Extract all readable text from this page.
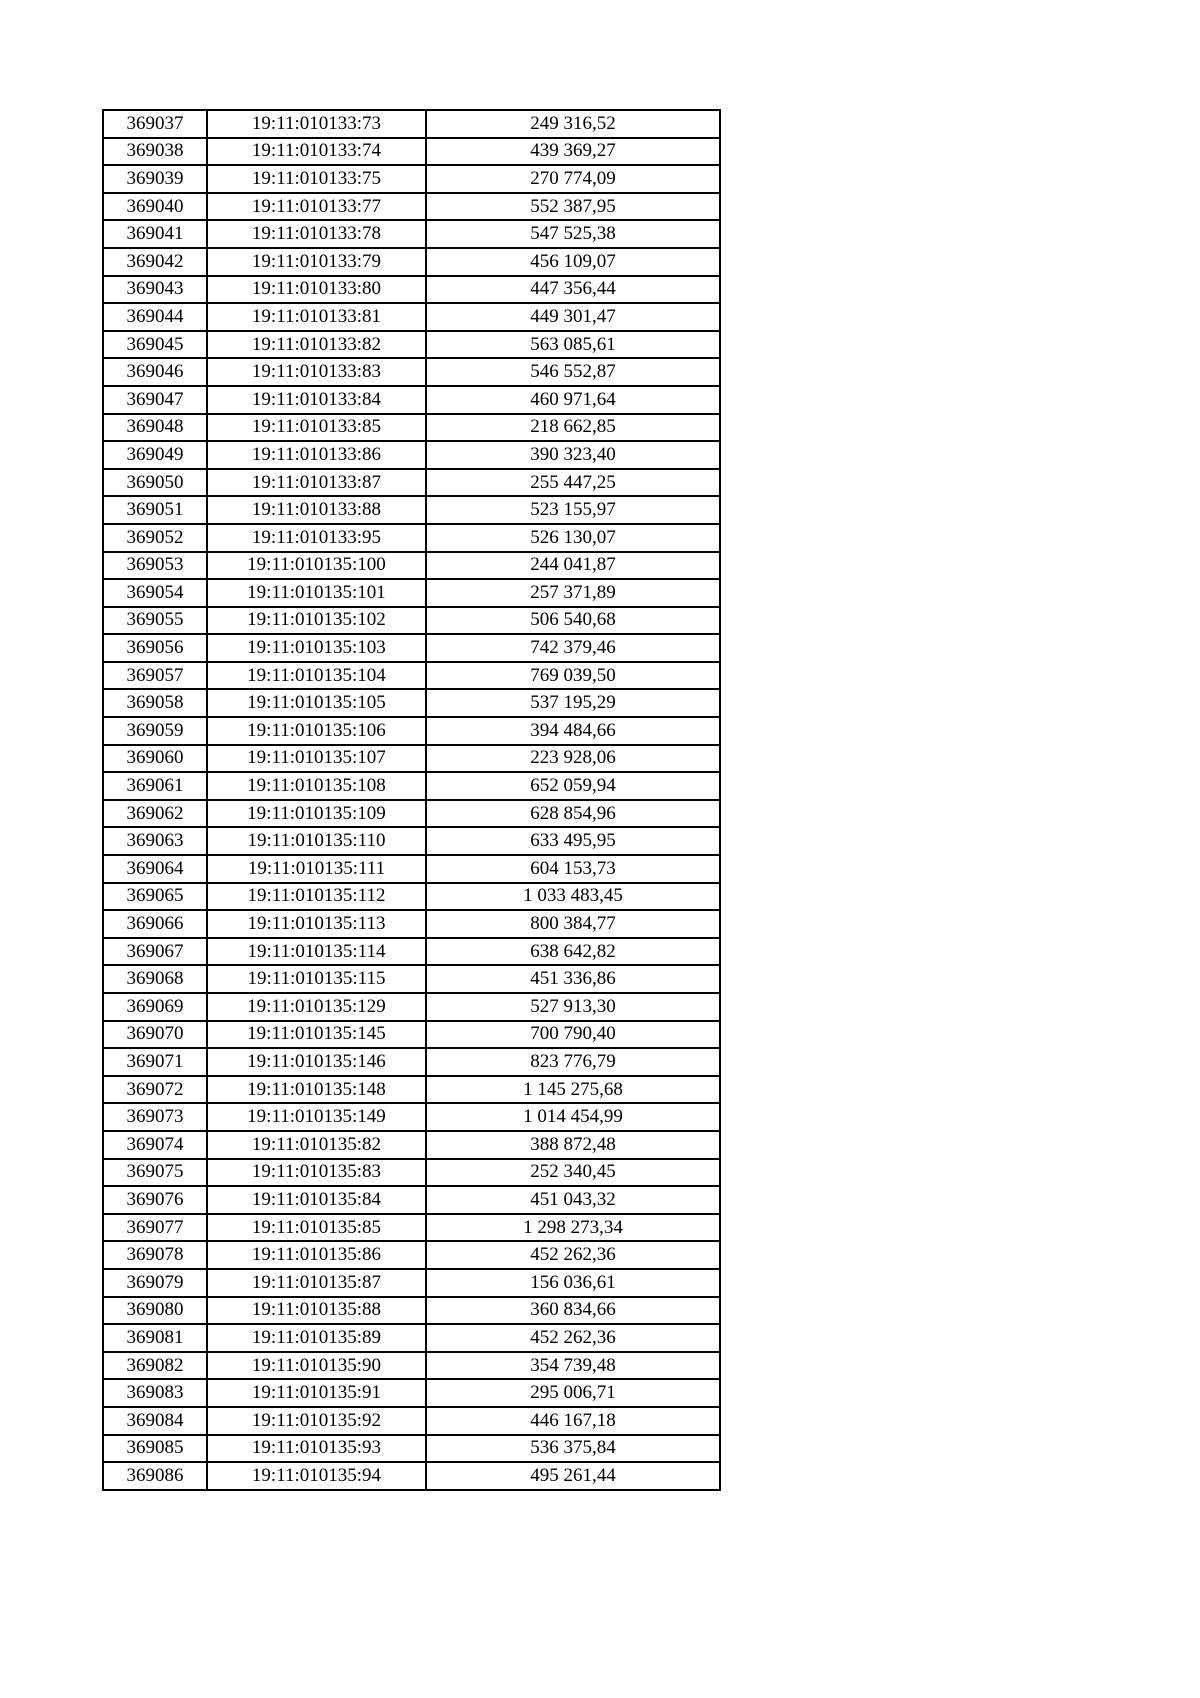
369037	19:11:010133:73	249 316,52
369038	19:11:010133:74	439 369,27
369039	19:11:010133:75	270 774,09
369040	19:11:010133:77	552 387,95
369041	19:11:010133:78	547 525,38
369042	19:11:010133:79	456 109,07
369043	19:11:010133:80	447 356,44
369044	19:11:010133:81	449 301,47
369045	19:11:010133:82	563 085,61
369046	19:11:010133:83	546 552,87
369047	19:11:010133:84	460 971,64
369048	19:11:010133:85	218 662,85
369049	19:11:010133:86	390 323,40
369050	19:11:010133:87	255 447,25
369051	19:11:010133:88	523 155,97
369052	19:11:010133:95	526 130,07
369053	19:11:010135:100	244 041,87
369054	19:11:010135:101	257 371,89
369055	19:11:010135:102	506 540,68
369056	19:11:010135:103	742 379,46
369057	19:11:010135:104	769 039,50
369058	19:11:010135:105	537 195,29
369059	19:11:010135:106	394 484,66
369060	19:11:010135:107	223 928,06
369061	19:11:010135:108	652 059,94
369062	19:11:010135:109	628 854,96
369063	19:11:010135:110	633 495,95
369064	19:11:010135:111	604 153,73
369065	19:11:010135:112	1 033 483,45
369066	19:11:010135:113	800 384,77
369067	19:11:010135:114	638 642,82
369068	19:11:010135:115	451 336,86
369069	19:11:010135:129	527 913,30
369070	19:11:010135:145	700 790,40
369071	19:11:010135:146	823 776,79
369072	19:11:010135:148	1 145 275,68
369073	19:11:010135:149	1 014 454,99
369074	19:11:010135:82	388 872,48
369075	19:11:010135:83	252 340,45
369076	19:11:010135:84	451 043,32
369077	19:11:010135:85	1 298 273,34
369078	19:11:010135:86	452 262,36
369079	19:11:010135:87	156 036,61
369080	19:11:010135:88	360 834,66
369081	19:11:010135:89	452 262,36
369082	19:11:010135:90	354 739,48
369083	19:11:010135:91	295 006,71
369084	19:11:010135:92	446 167,18
369085	19:11:010135:93	536 375,84
369086	19:11:010135:94	495 261,44
